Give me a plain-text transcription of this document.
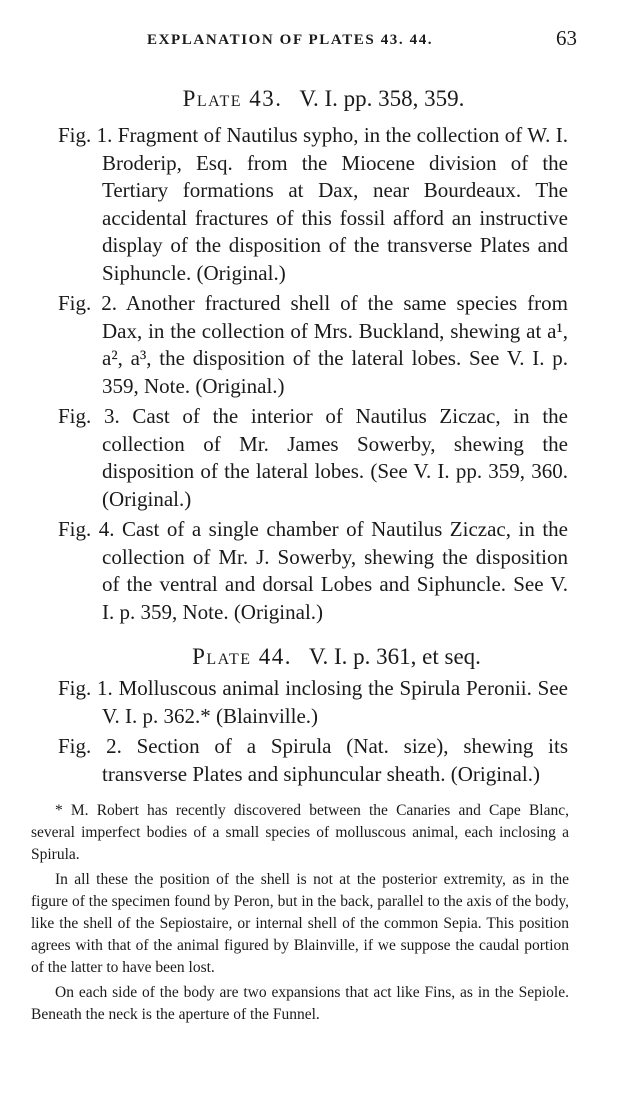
EXPLANATION OF PLATES 43. 44.	63
Plate 43. V. I. pp. 358, 359.

Fig. 1. Fragment of Nautilus sypho, in the collection of W. I. Broderip, Esq. from the Miocene division of the Tertiary formations at Dax, near Bourdeaux. The accidental fractures of this fossil afford an instructive display of the disposition of the transverse Plates and Siphuncle. (Original.)

Fig. 2. Another fractured shell of the same species from Dax, in the collection of Mrs. Buckland, shewing at a¹, a², a³, the disposition of the lateral lobes. See V. I. p. 359, Note. (Original.)

Fig. 3. Cast of the interior of Nautilus Ziczac, in the collection of Mr. James Sowerby, shewing the disposition of the lateral lobes. (See V. I. pp. 359, 360. (Original.)

Fig. 4. Cast of a single chamber of Nautilus Ziczac, in the collection of Mr. J. Sowerby, shewing the disposition of the ventral and dorsal Lobes and Siphuncle. See V. I. p. 359, Note. (Original.)

Plate 44. V. I. p. 361, et seq.

Fig. 1. Molluscous animal inclosing the Spirula Peronii. See V. I. p. 362.* (Blainville.)

Fig. 2. Section of a Spirula (Nat. size), shewing its transverse Plates and siphuncular sheath. (Original.)

* M. Robert has recently discovered between the Canaries and Cape Blanc, several imperfect bodies of a small species of molluscous animal, each inclosing a Spirula.

In all these the position of the shell is not at the posterior extremity, as in the figure of the specimen found by Peron, but in the back, parallel to the axis of the body, like the shell of the Sepiostaire, or internal shell of the common Sepia. This position agrees with that of the animal figured by Blainville, if we suppose the caudal portion of the latter to have been lost.

On each side of the body are two expansions that act like Fins, as in the Sepiole. Beneath the neck is the aperture of the Funnel.
